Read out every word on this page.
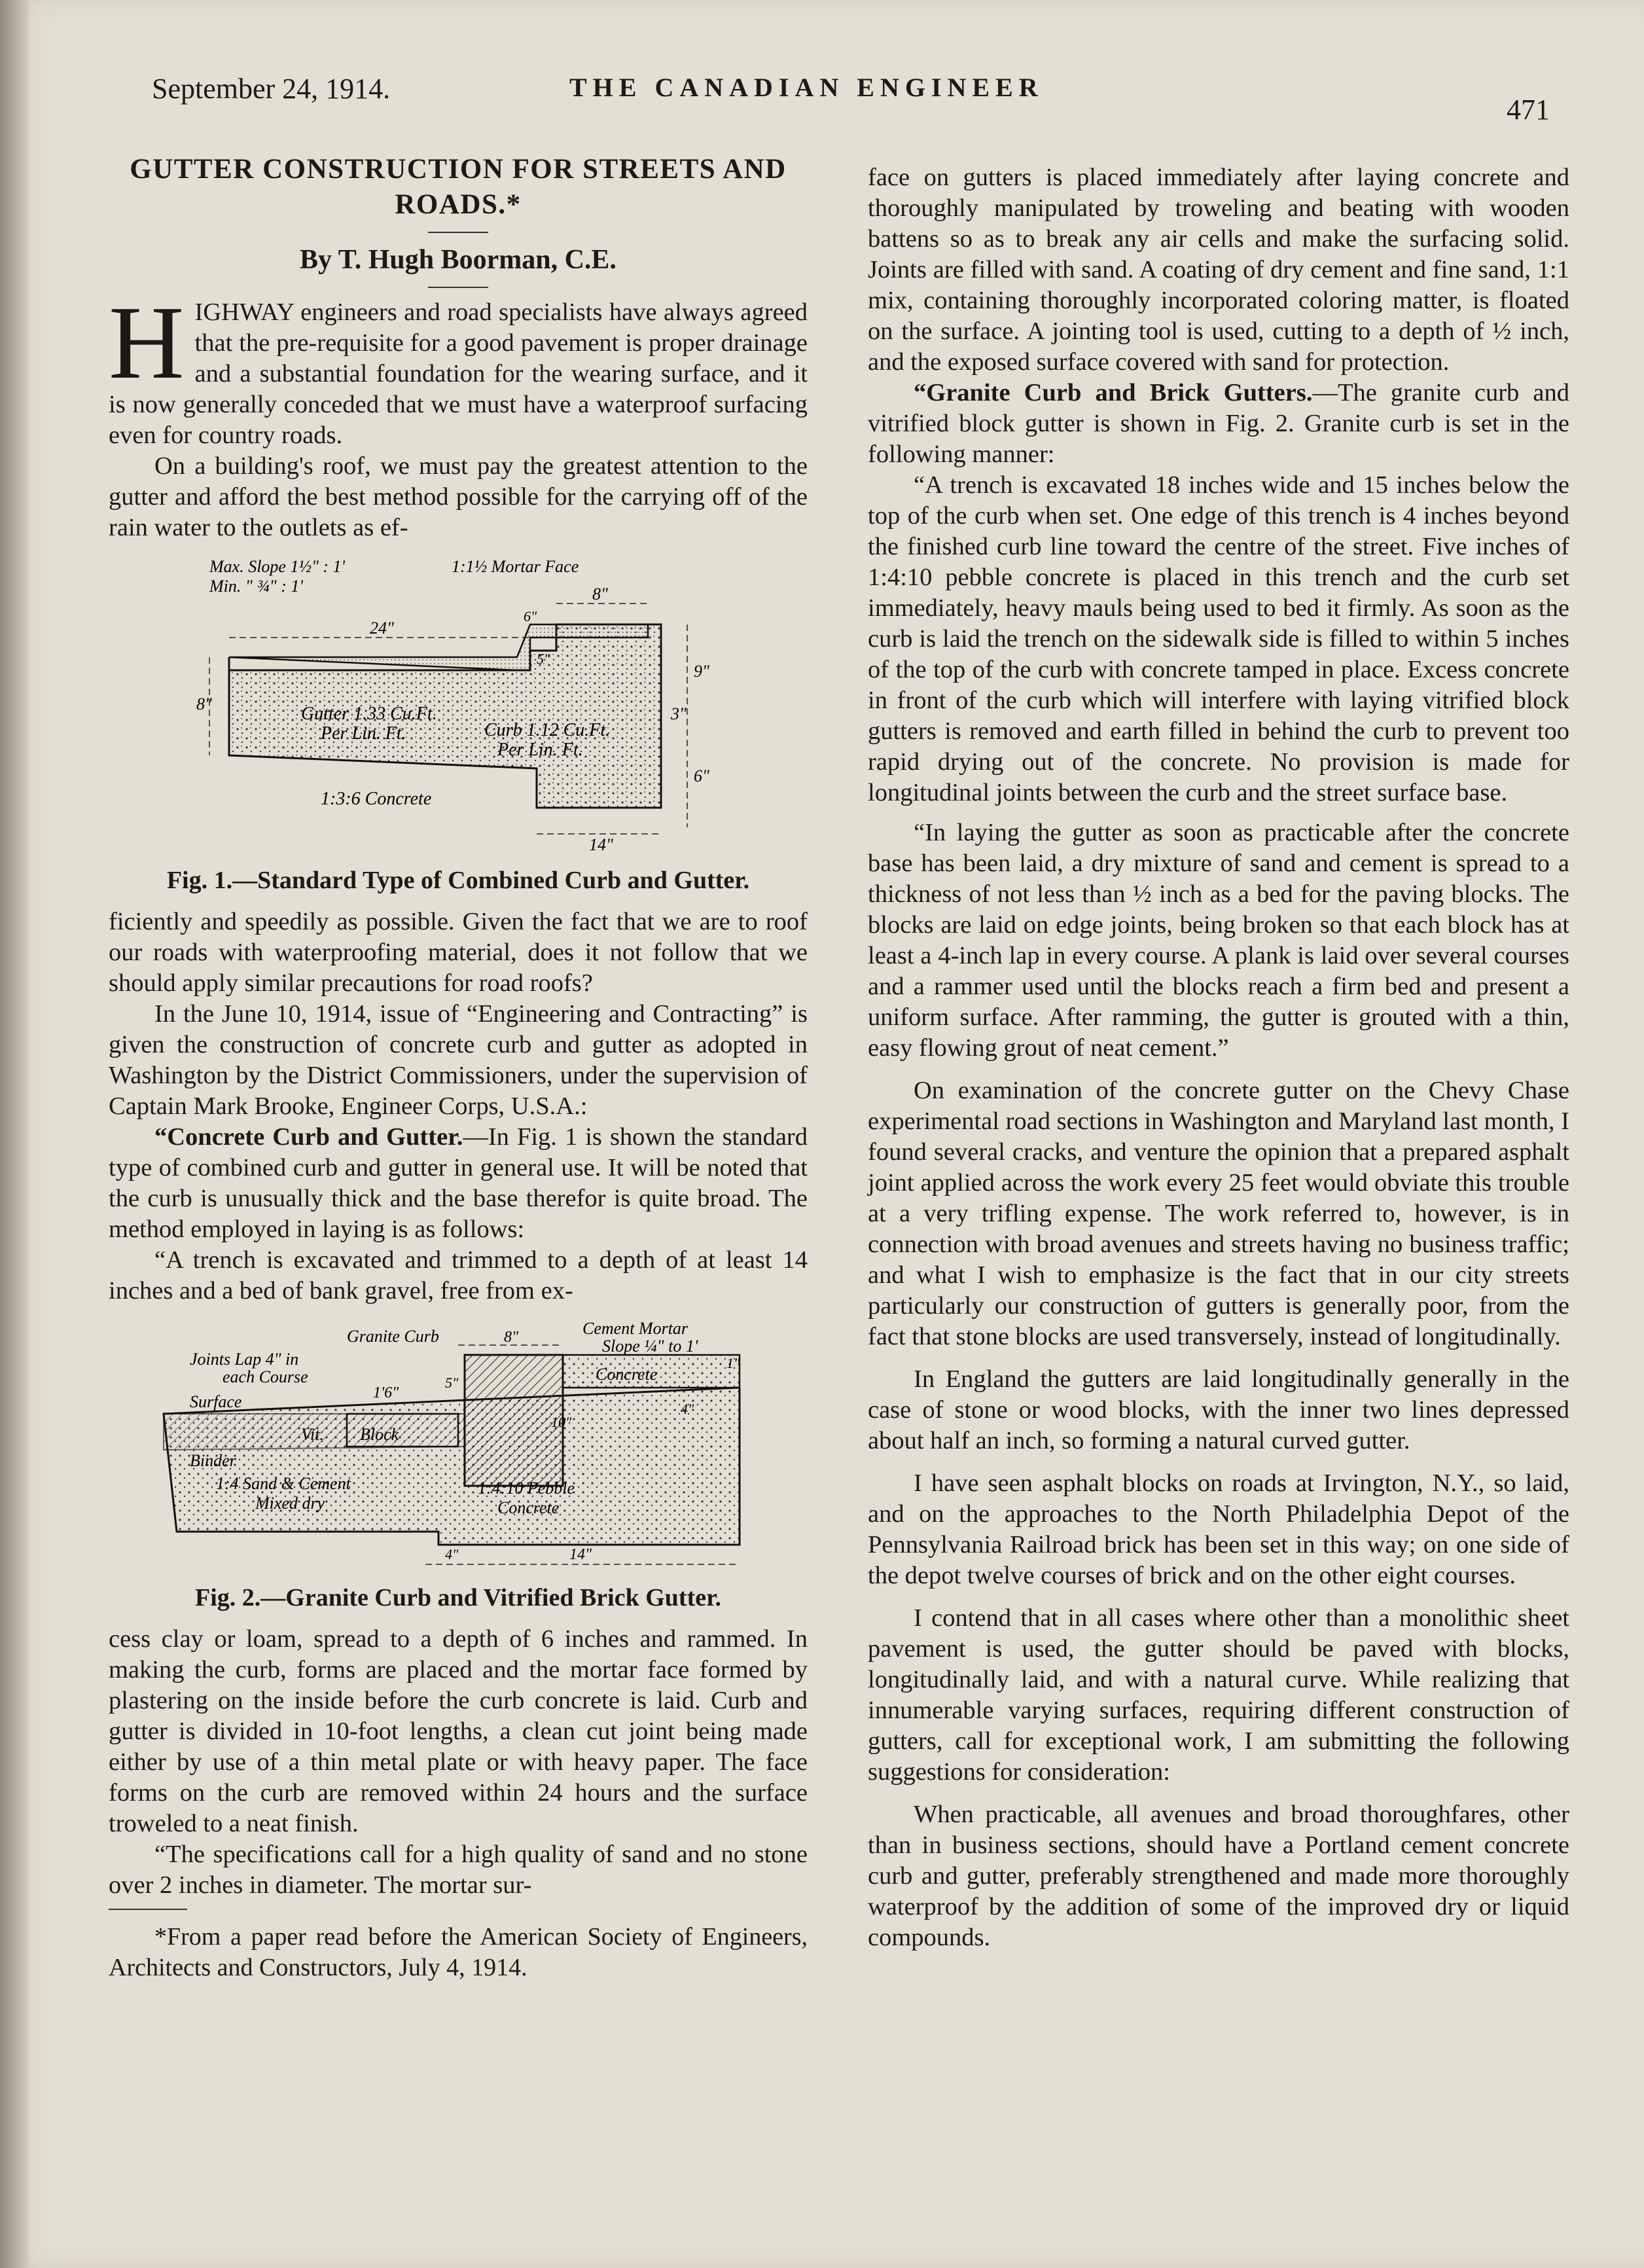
September 24, 1914.	THE CANADIAN ENGINEER
471
GUTTER CONSTRUCTION FOR STREETS AND ROADS.*

By T. Hugh Boorman, C.E.

HIGHWAY engineers and road specialists have always agreed that the pre-requisite for a good pavement is proper drainage and a substantial foundation for the wearing surface, and it is now generally conceded that we must have a waterproof surfacing even for country roads.

On a building's roof, we must pay the greatest attention to the gutter and afford the best method possible for the carrying off of the rain water to the outlets as ef-

Max. Slope 1½" : 1'
Min. " ¾" : 1'
1:1½ Mortar Face
8"
24"
5"
6"
8"
9"
3"
6"
14"
Gutter 1.33 Cu.Ft.
Per Lin. Ft.	Curb 1.12 Cu.Ft.
Per Lin. Ft.
1:3:6 Concrete
Fig. 1.—Standard Type of Combined Curb and Gutter.

ficiently and speedily as possible. Given the fact that we are to roof our roads with waterproofing material, does it not follow that we should apply similar precautions for road roofs?

In the June 10, 1914, issue of “Engineering and Contracting” is given the construction of concrete curb and gutter as adopted in Washington by the District Commissioners, under the supervision of Captain Mark Brooke, Engineer Corps, U.S.A.:

“Concrete Curb and Gutter.—In Fig. 1 is shown the standard type of combined curb and gutter in general use. It will be noted that the curb is unusually thick and the base therefor is quite broad. The method employed in laying is as follows:

“A trench is excavated and trimmed to a depth of at least 14 inches and a bed of bank gravel, free from ex-

Cement Mortar
Slope ¼" to 1'
1"
Granite Curb	8"
Joints Lap 4" in
each Course
1'6"
Surface
Vit. Block
Binder
1:4 Sand & Cement
Mixed dry
1:4:10 Pebble
Concrete
Concrete
4"
4"	14"
5"
10"
Fig. 2.—Granite Curb and Vitrified Brick Gutter.

cess clay or loam, spread to a depth of 6 inches and rammed. In making the curb, forms are placed and the mortar face formed by plastering on the inside before the curb concrete is laid. Curb and gutter is divided in 10-foot lengths, a clean cut joint being made either by use of a thin metal plate or with heavy paper. The face forms on the curb are removed within 24 hours and the surface troweled to a neat finish.

“The specifications call for a high quality of sand and no stone over 2 inches in diameter. The mortar sur-

*From a paper read before the American Society of Engineers, Architects and Constructors, July 4, 1914.

face on gutters is placed immediately after laying concrete and thoroughly manipulated by troweling and beating with wooden battens so as to break any air cells and make the surfacing solid. Joints are filled with sand. A coating of dry cement and fine sand, 1:1 mix, containing thoroughly incorporated coloring matter, is floated on the surface. A jointing tool is used, cutting to a depth of ½ inch, and the exposed surface covered with sand for protection.

“Granite Curb and Brick Gutters.—The granite curb and vitrified block gutter is shown in Fig. 2. Granite curb is set in the following manner:

“A trench is excavated 18 inches wide and 15 inches below the top of the curb when set. One edge of this trench is 4 inches beyond the finished curb line toward the centre of the street. Five inches of 1:4:10 pebble concrete is placed in this trench and the curb set immediately, heavy mauls being used to bed it firmly. As soon as the curb is laid the trench on the sidewalk side is filled to within 5 inches of the top of the curb with concrete tamped in place. Excess concrete in front of the curb which will interfere with laying vitrified block gutters is removed and earth filled in behind the curb to prevent too rapid drying out of the concrete. No provision is made for longitudinal joints between the curb and the street surface base.

“In laying the gutter as soon as practicable after the concrete base has been laid, a dry mixture of sand and cement is spread to a thickness of not less than ½ inch as a bed for the paving blocks. The blocks are laid on edge joints, being broken so that each block has at least a 4-inch lap in every course. A plank is laid over several courses and a rammer used until the blocks reach a firm bed and present a uniform surface. After ramming, the gutter is grouted with a thin, easy flowing grout of neat cement.”

On examination of the concrete gutter on the Chevy Chase experimental road sections in Washington and Maryland last month, I found several cracks, and venture the opinion that a prepared asphalt joint applied across the work every 25 feet would obviate this trouble at a very trifling expense. The work referred to, however, is in connection with broad avenues and streets having no business traffic; and what I wish to emphasize is the fact that in our city streets particularly our construction of gutters is generally poor, from the fact that stone blocks are used transversely, instead of longitudinally.

In England the gutters are laid longitudinally generally in the case of stone or wood blocks, with the inner two lines depressed about half an inch, so forming a natural curved gutter.

I have seen asphalt blocks on roads at Irvington, N.Y., so laid, and on the approaches to the North Philadelphia Depot of the Pennsylvania Railroad brick has been set in this way; on one side of the depot twelve courses of brick and on the other eight courses.

I contend that in all cases where other than a monolithic sheet pavement is used, the gutter should be paved with blocks, longitudinally laid, and with a natural curve. While realizing that innumerable varying surfaces, requiring different construction of gutters, call for exceptional work, I am submitting the following suggestions for consideration:

When practicable, all avenues and broad thoroughfares, other than in business sections, should have a Portland cement concrete curb and gutter, preferably strengthened and made more thoroughly waterproof by the addition of some of the improved dry or liquid compounds.
